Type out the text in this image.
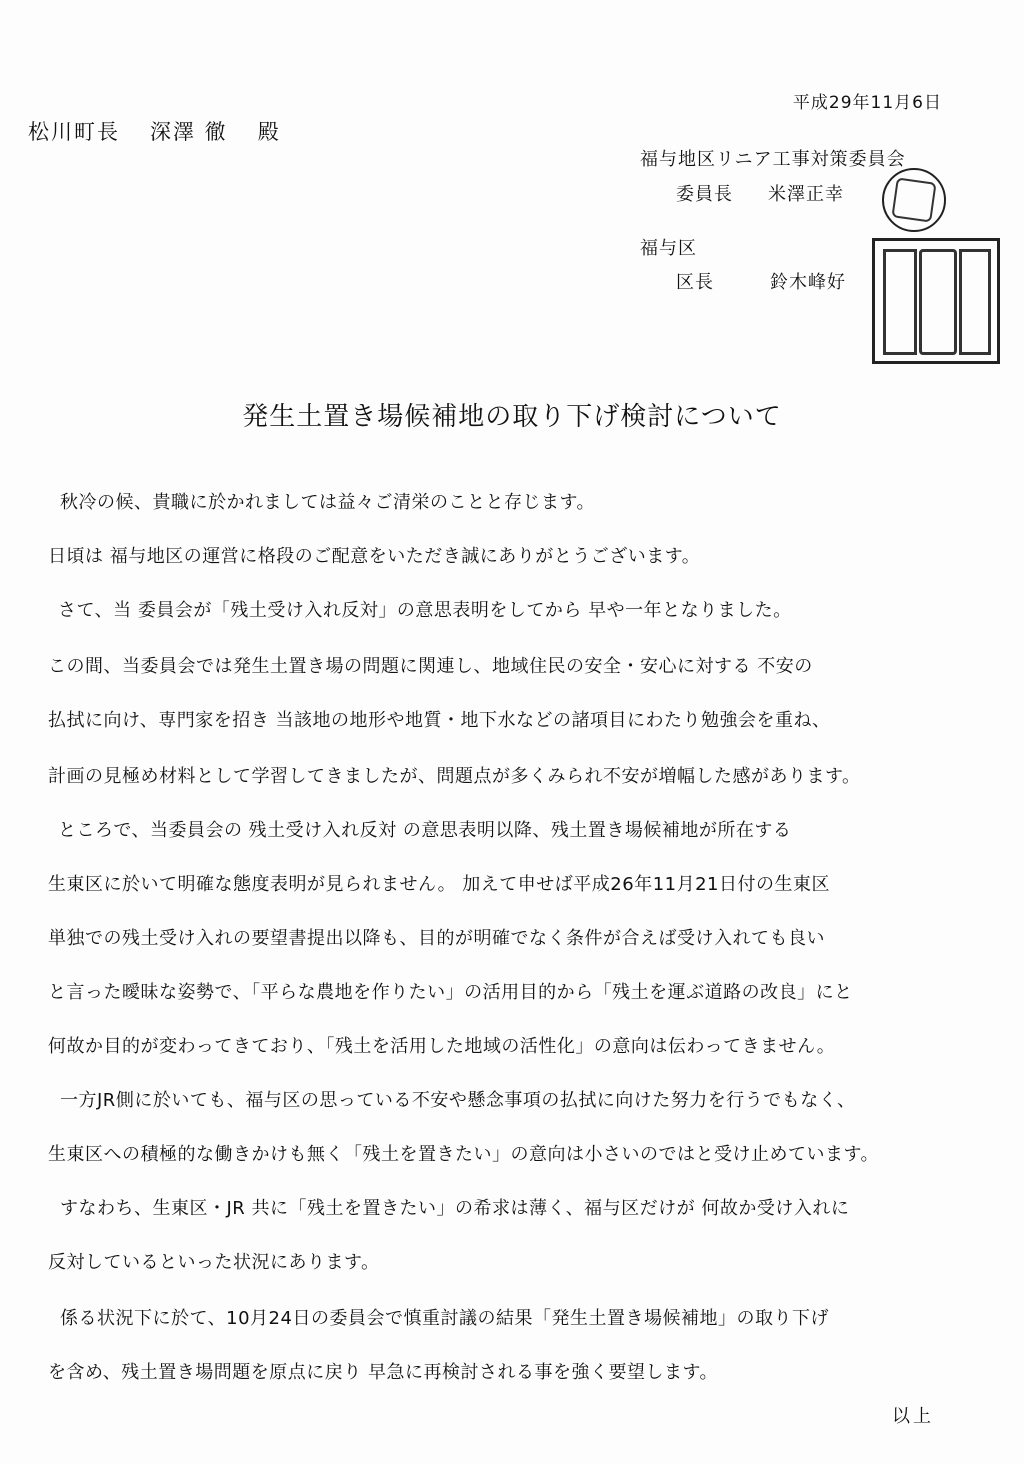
平成29年11月6日
松川町長 深澤 徹 殿
福与地区リニア工事対策委員会
委員長 米澤正幸
福与区
区長	鈴木峰好
発生土置き場候補地の取り下げ検討について
秋冷の候、貴職に於かれましては益々ご清栄のことと存じます。
日頃は 福与地区の運営に格段のご配意をいただき誠にありがとうございます。
さて、当 委員会が「残土受け入れ反対」の意思表明をしてから 早や一年となりました。
この間、当委員会では発生土置き場の問題に関連し、地域住民の安全・安心に対する 不安の
払拭に向け、専門家を招き 当該地の地形や地質・地下水などの諸項目にわたり勉強会を重ね、
計画の見極め材料として学習してきましたが、問題点が多くみられ不安が増幅した感があります。
ところで、当委員会の 残土受け入れ反対 の意思表明以降、残土置き場候補地が所在する
生東区に於いて明確な態度表明が見られません。 加えて申せば平成26年11月21日付の生東区
単独での残土受け入れの要望書提出以降も、目的が明確でなく条件が合えば受け入れても良い
と言った曖昧な姿勢で、「平らな農地を作りたい」の活用目的から「残土を運ぶ道路の改良」にと
何故か目的が変わってきており、「残土を活用した地域の活性化」の意向は伝わってきません。
一方JR側に於いても、福与区の思っている不安や懸念事項の払拭に向けた努力を行うでもなく、
生東区への積極的な働きかけも無く「残土を置きたい」の意向は小さいのではと受け止めています。
すなわち、生東区・JR 共に「残土を置きたい」の希求は薄く、福与区だけが 何故か受け入れに
反対しているといった状況にあります。
係る状況下に於て、10月24日の委員会で慎重討議の結果「発生土置き場候補地」の取り下げ
を含め、残土置き場問題を原点に戻り 早急に再検討される事を強く要望します。
以上
